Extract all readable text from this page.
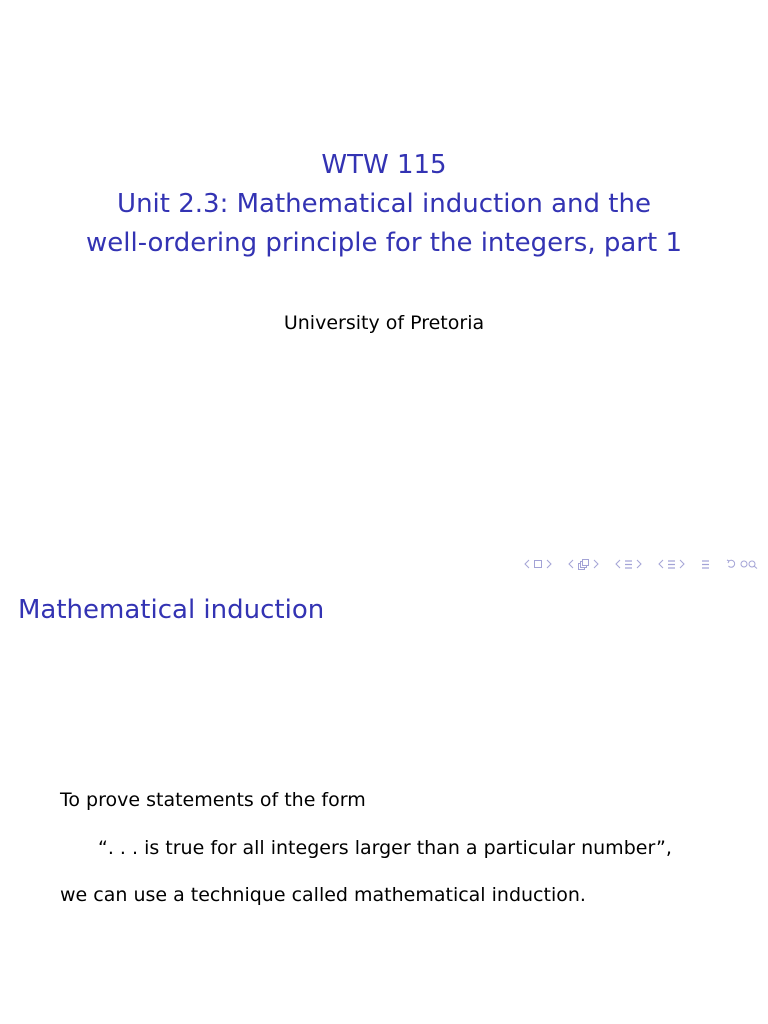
WTW 115
Unit 2.3: Mathematical induction and the
well-ordering principle for the integers, part 1
University of Pretoria
Mathematical induction
To prove statements of the form
“. . . is true for all integers larger than a particular number”,
we can use a technique called mathematical induction.
